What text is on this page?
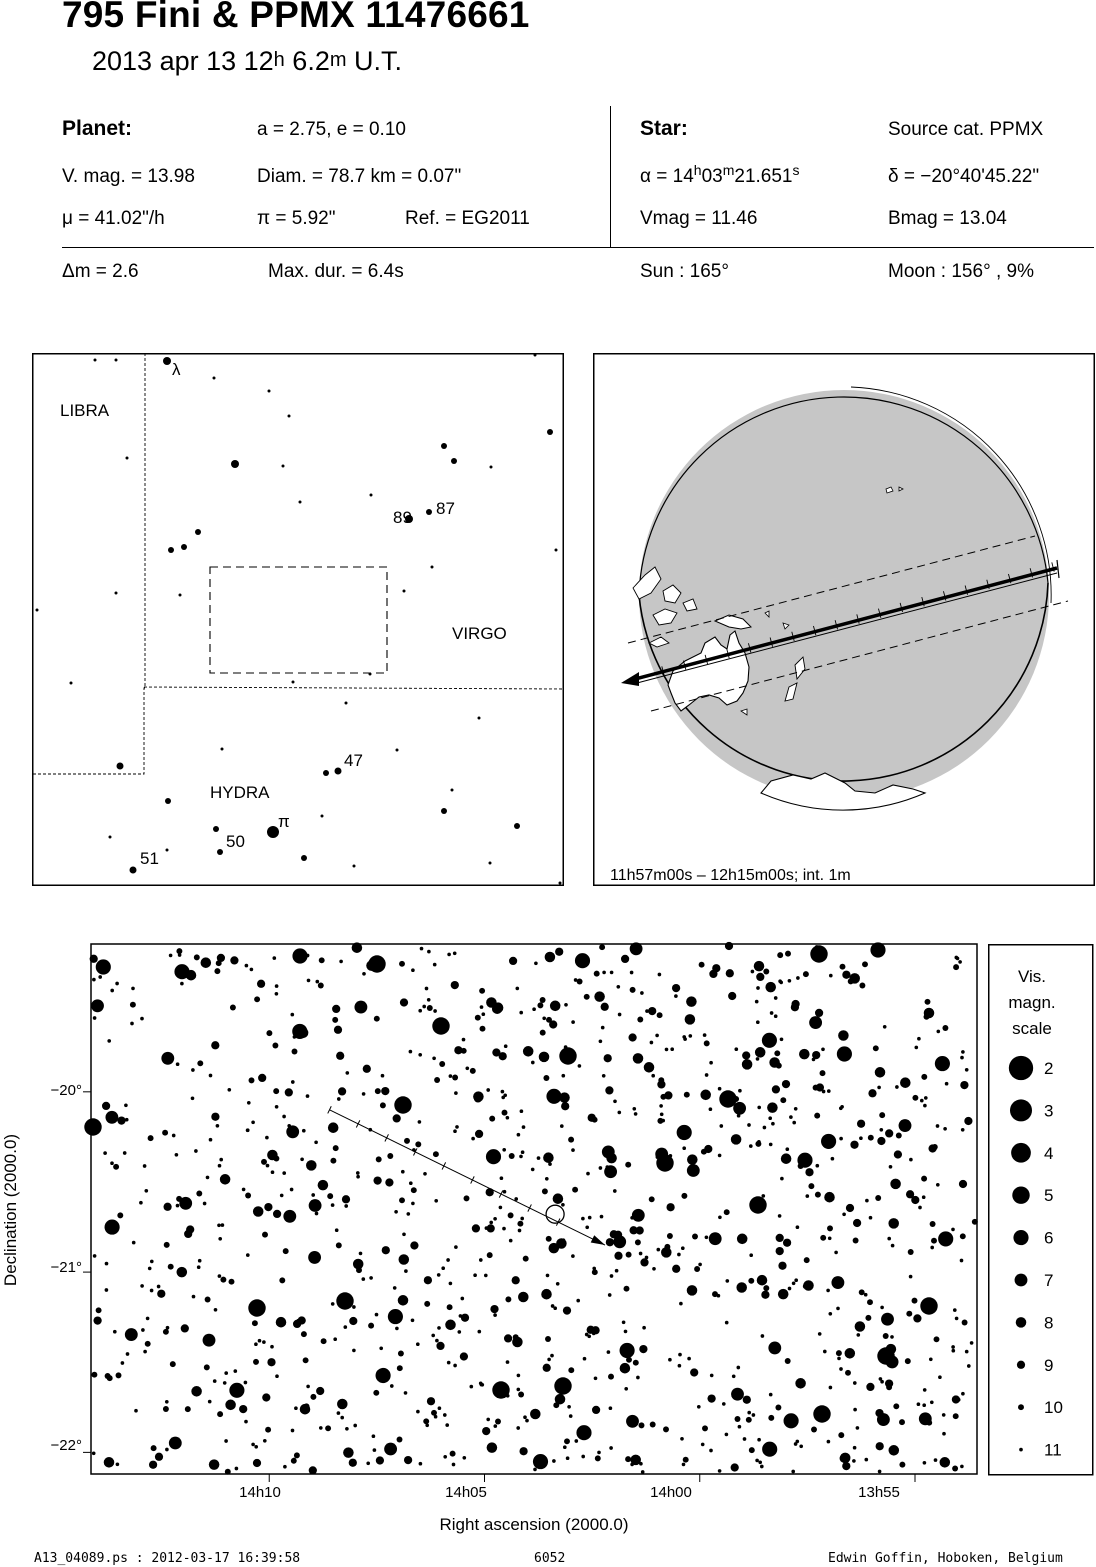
795 Fini & PPMX 11476661
2013 apr 13 12$^h$ 6.2$^m$ U.T.
Planet:	a = 2.75, e = 0.10
V. mag. = 13.98	Diam. = 78.7 km = 0.07"
μ = 41.02"/h	π = 5.92"	Ref. = EG2011
Star:	Source cat. PPMX
$\alpha = 14^h03^m21.651^s$	δ = −20°40'45.22"
Vmag = 11.46	Bmag = 13.04
Δm = 2.6	Max. dur. = 6.4s	Sun : 165°	Moon : 156° , 9%
LIBRA
VIRGO
HYDRA
λ
89 87
47
π
50
51
11h57m00s – 12h15m00s; int. 1m
14h10	14h05	14h00	13h55
−20°
−21°
−22°
Right ascension (2000.0)
Declination (2000.0)
Vis.
magn.
scale
2
3
4
5
6
7
8
9
10
11
A13_04089.ps : 2012-03-17 16:39:58	6052	Edwin Goffin, Hoboken, Belgium
